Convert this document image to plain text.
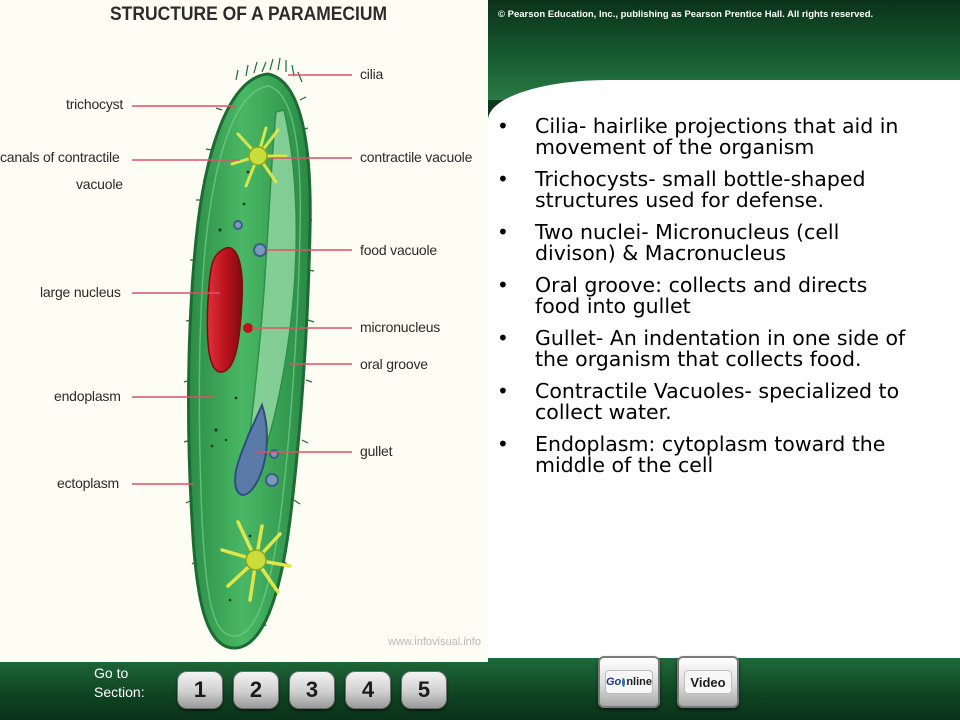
© Pearson Education, Inc., publishing as Pearson Prentice Hall. All rights reserved.
STRUCTURE OF A PARAMECIUM
trichocyst
canals of contractile
vacuole
large nucleus
endoplasm
ectoplasm
cilia
contractile vacuole
food vacuole
micronucleus
oral groove
gullet
www.infovisual.info
• Cilia- hairlike projections that aid in movement of the organism
• Trichocysts- small bottle-shaped structures used for defense.
• Two nuclei- Micronucleus (cell divison) & Macronucleus
• Oral groove: collects and directs food into gullet
• Gullet- An indentation in one side of the organism that collects food.
• Contractile Vacuoles- specialized to collect water.
• Endoplasm: cytoplasm toward the middle of the cell
Go to
Section:	1	2	3	4	5	Go nline	Video
